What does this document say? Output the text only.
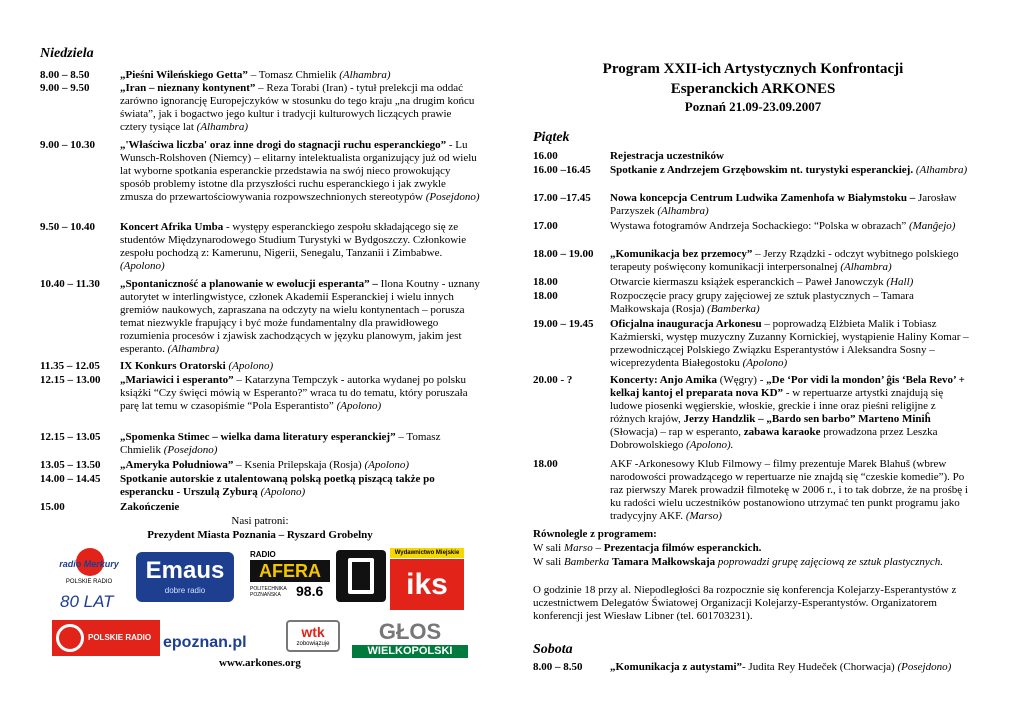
Niedziela
8.00 – 8.50	„Pieśni Wileńskiego Getta” – Tomasz Chmielik (Alhambra)
9.00 – 9.50	„Iran – nieznany kontynent” – Reza Torabi (Iran) - tytuł prelekcji ma oddać zarówno ignorancję Europejczyków w stosunku do tego kraju „na drugim końcu świata”, jak i bogactwo jego kultur i tradycji kulturowych liczących prawie cztery tysiące lat (Alhambra)
9.00 – 10.30	„'Właściwa liczba' oraz inne drogi do stagnacji ruchu esperanckiego” - Lu Wunsch-Rolshoven (Niemcy) – elitarny intelektualista organizujący już od wielu lat wyborne spotkania esperanckie przedstawia na swój nieco prowokujący sposób problemy istotne dla przyszłości ruchu esperanckiego i jak zwykle zmusza do przewartościowywania rozpowszechnionych stereotypów (Posejdono)
9.50 – 10.40	Koncert Afrika Umba - występy esperanckiego zespołu składającego się ze studentów Międzynarodowego Studium Turystyki w Bydgoszczy. Członkowie zespołu pochodzą z: Kamerunu, Nigerii, Senegalu, Tanzanii i Zimbabwe. (Apolono)
10.40 – 11.30	„Spontaniczność a planowanie w ewolucji esperanta” – Ilona Koutny - uznany autorytet w interlingwistyce, członek Akademii Esperanckiej i wielu innych gremiów naukowych, zapraszana na odczyty na wielu kontynentach – porusza temat niezwykle frapujący i być może fundamentalny dla prawidłowego rozumienia procesów i zjawisk zachodzących w języku planowym, jakim jest esperanto. (Alhambra)
11.35 – 12.05	IX Konkurs Oratorski (Apolono)
12.15 – 13.00	„Mariawici i esperanto” – Katarzyna Tempczyk - autorka wydanej po polsku książki “Czy święci mówią w Esperanto?” wraca tu do tematu, który poruszała parę lat temu w czasopiśmie “Pola Esperantisto” (Apolono)
12.15 – 13.05	„Spomenka Stimec – wielka dama literatury esperanckiej” – Tomasz Chmielik (Posejdono)
13.05 – 13.50	„Ameryka Południowa” – Ksenia Prilepskaja (Rosja) (Apolono)
14.00 – 14.45	Spotkanie autorskie z utalentowaną polską poetką piszącą także po esperancku - Urszulą Zyburą (Apolono)
15.00	Zakończenie
Nasi patroni:
Prezydent Miasta Poznania – Ryszard Grobelny
www.arkones.org
radio Merkury
POLSKIE RADIO
80 LAT
Emaus
dobre radio
RADIO
AFERA
98.6
POLITECHNIKA POZNAŃSKA
Wydawnictwo Miejskie
iks
POLSKIE RADIO epoznan.pl
wtk
zobowiązuje	GŁOS
WIELKOPOLSKI
Program XXII-ich Artystycznych Konfrontacji
Esperanckich ARKONES
Poznań 21.09-23.09.2007
Piątek
16.00	Rejestracja uczestników
16.00 –16.45	Spotkanie z Andrzejem Grzębowskim nt. turystyki esperanckiej. (Alhambra)
17.00 –17.45	Nowa koncepcja Centrum Ludwika Zamenhofa w Białymstoku – Jarosław Parzyszek (Alhambra)
17.00	Wystawa fotogramów Andrzeja Sochackiego: “Polska w obrazach” (Manĝejo)
18.00 – 19.00	„Komunikacja bez przemocy” – Jerzy Rządzki - odczyt wybitnego polskiego terapeuty poświęcony komunikacji interpersonalnej (Alhambra)
18.00	Otwarcie kiermaszu książek esperanckich – Paweł Janowczyk (Hall)
18.00	Rozpoczęcie pracy grupy zajęciowej ze sztuk plastycznych – Tamara Małkowskaja (Rosja) (Bamberka)
19.00 – 19.45	Oficjalna inauguracja Arkonesu – poprowadzą Elżbieta Malik i Tobiasz Kaźmierski, występ muzyczny Zuzanny Kornickiej, wystąpienie Haliny Komar – przewodniczącej Polskiego Związku Esperantystów i Aleksandra Sosny – wiceprezydenta Białegostoku (Apolono)
20.00 - ?	Koncerty: Anjo Amika (Węgry) - „De ‘Por vidi la mondon’ ĝis ‘Bela Revo’ + kelkaj kantoj el preparata nova KD” - w repertuarze artystki znajdują się ludowe piosenki węgierskie, włoskie, greckie i inne oraz pieśni religijne z różnych krajów, Jerzy Handzlik – „Bardo sen barbo” Marteno Miniĥ (Słowacja) – rap w esperanto, zabawa karaoke prowadzona przez Leszka Dobrowolskiego (Apolono).
18.00	AKF -Arkonesowy Klub Filmowy – filmy prezentuje Marek Blahuš (wbrew narodowości prowadzącego w repertuarze nie znajdą się “czeskie komedie”). Po raz pierwszy Marek prowadził filmotekę w 2006 r., i to tak dobrze, że na prośbę i ku radości wielu uczestników postanowiono utrzymać ten punkt programu jako tradycyjny AKF. (Marso)
Równolegle z programem:
W sali Marso – Prezentacja filmów esperanckich.
W sali Bamberka Tamara Małkowskaja poprowadzi grupę zajęciową ze sztuk plastycznych.
O godzinie 18 przy al. Niepodległości 8a rozpocznie się konferencja Kolejarzy-Esperantystów z uczestnictwem Delegatów Światowej Organizacji Kolejarzy-Esperantystów. Organizatorem konferencji jest Wiesław Libner (tel. 601703231).
Sobota
8.00 – 8.50	„Komunikacja z autystami”- Judita Rey Hudeček (Chorwacja) (Posejdono)
